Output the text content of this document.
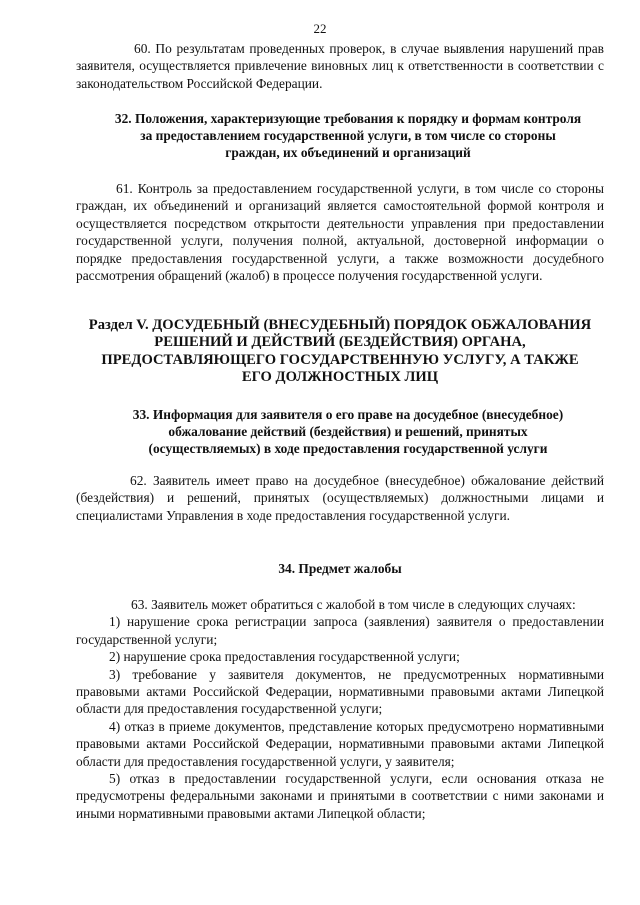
22
60. По результатам проведенных проверок, в случае выявления нарушений прав заявителя, осуществляется привлечение виновных лиц к ответственности в соответствии с законодательством Российской Федерации.
32. Положения, характеризующие требования к порядку и формам контроля за предоставлением государственной услуги, в том числе со стороны граждан, их объединений и организаций
61. Контроль за предоставлением государственной услуги, в том числе со стороны граждан, их объединений и организаций является самостоятельной формой контроля и осуществляется посредством открытости деятельности управления при предоставлении государственной услуги, получения полной, актуальной, достоверной информации о порядке предоставления государственной услуги, а также возможности досудебного рассмотрения обращений (жалоб) в процессе получения государственной услуги.
Раздел V. ДОСУДЕБНЫЙ (ВНЕСУДЕБНЫЙ) ПОРЯДОК ОБЖАЛОВАНИЯ РЕШЕНИЙ И ДЕЙСТВИЙ (БЕЗДЕЙСТВИЯ) ОРГАНА, ПРЕДОСТАВЛЯЮЩЕГО ГОСУДАРСТВЕННУЮ УСЛУГУ, А ТАКЖЕ ЕГО ДОЛЖНОСТНЫХ ЛИЦ
33. Информация для заявителя о его праве на досудебное (внесудебное) обжалование действий (бездействия) и решений, принятых (осуществляемых) в ходе предоставления государственной услуги
62. Заявитель имеет право на досудебное (внесудебное) обжалование действий (бездействия) и решений, принятых (осуществляемых) должностными лицами и специалистами Управления в ходе предоставления государственной услуги.
34. Предмет жалобы
63. Заявитель может обратиться с жалобой в том числе в следующих случаях:
1) нарушение срока регистрации запроса (заявления) заявителя о предоставлении государственной услуги;
2) нарушение срока предоставления государственной услуги;
3) требование у заявителя документов, не предусмотренных нормативными правовыми актами Российской Федерации, нормативными правовыми актами Липецкой области для предоставления государственной услуги;
4) отказ в приеме документов, представление которых предусмотрено нормативными правовыми актами Российской Федерации, нормативными правовыми актами Липецкой области для предоставления государственной услуги, у заявителя;
5) отказ в предоставлении государственной услуги, если основания отказа не предусмотрены федеральными законами и принятыми в соответствии с ними законами и иными нормативными правовыми актами Липецкой области;
